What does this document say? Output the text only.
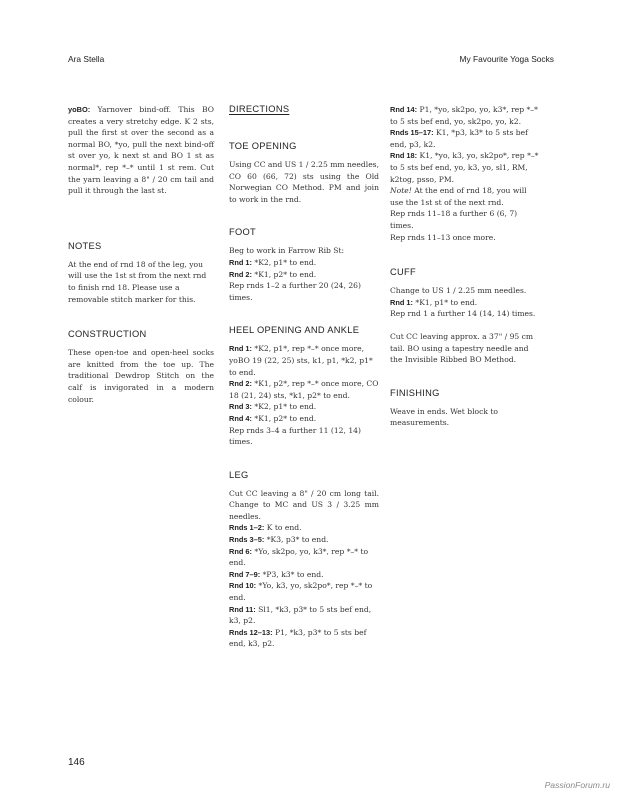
Ara Stella	My Favourite Yoga Socks

yoBO: Yarnover bind-off. This BO creates a very stretchy edge. K 2 sts, pull the first st over the second as a normal BO, *yo, pull the next bind-off st over yo, k next st and BO 1 st as normal*, rep *–* until 1 st rem. Cut the yarn leaving a 8" / 20 cm tail and pull it through the last st.

NOTES

At the end of rnd 18 of the leg, you will use the 1st st from the next rnd to finish rnd 18. Please use a removable stitch marker for this.

CONSTRUCTION

These open-toe and open-heel socks are knitted from the toe up. The traditional Dewdrop Stitch on the calf is invigorated in a modern colour.

DIRECTIONS
TOE OPENING

Using CC and US 1 / 2.25 mm needles, CO 60 (66, 72) sts using the Old Norwegian CO Method. PM and join to work in the rnd.

FOOT

Beg to work in Farrow Rib St:

Rnd 1: *K2, p1* to end.

Rnd 2: *K1, p2* to end.

Rep rnds 1–2 a further 20 (24, 26) times.

HEEL OPENING AND ANKLE

Rnd 1: *K2, p1*, rep *–* once more, yoBO 19 (22, 25) sts, k1, p1, *k2, p1* to end.

Rnd 2: *K1, p2*, rep *–* once more, CO 18 (21, 24) sts, *k1, p2* to end.

Rnd 3: *K2, p1* to end.

Rnd 4: *K1, p2* to end.

Rep rnds 3–4 a further 11 (12, 14) times.

LEG

Cut CC leaving a 8" / 20 cm long tail. Change to MC and US 3 / 3.25 mm needles.

Rnds 1–2: K to end.

Rnds 3–5: *K3, p3* to end.

Rnd 6: *Yo, sk2po, yo, k3*, rep *–* to end.

Rnd 7–9: *P3, k3* to end.

Rnd 10: *Yo, k3, yo, sk2po*, rep *–* to end.

Rnd 11: Sl1, *k3, p3* to 5 sts bef end, k3, p2.

Rnds 12–13: P1, *k3, p3* to 5 sts bef end, k3, p2.

Rnd 14: P1, *yo, sk2po, yo, k3*, rep *–* to 5 sts bef end, yo, sk2po, yo, k2.

Rnds 15–17: K1, *p3, k3* to 5 sts bef end, p3, k2.

Rnd 18: K1, *yo, k3, yo, sk2po*, rep *–* to 5 sts bef end, yo, k3, yo, sl1, RM, k2tog, psso, PM.

Note! At the end of rnd 18, you will use the 1st st of the next rnd.

Rep rnds 11–18 a further 6 (6, 7) times.

Rep rnds 11–13 once more.

CUFF

Change to US 1 / 2.25 mm needles.

Rnd 1: *K1, p1* to end.

Rep rnd 1 a further 14 (14, 14) times.

Cut CC leaving approx. a 37" / 95 cm tail. BO using a tapestry needle and the Invisible Ribbed BO Method.

FINISHING

Weave in ends. Wet block to measurements.

146
PassionForum.ru
